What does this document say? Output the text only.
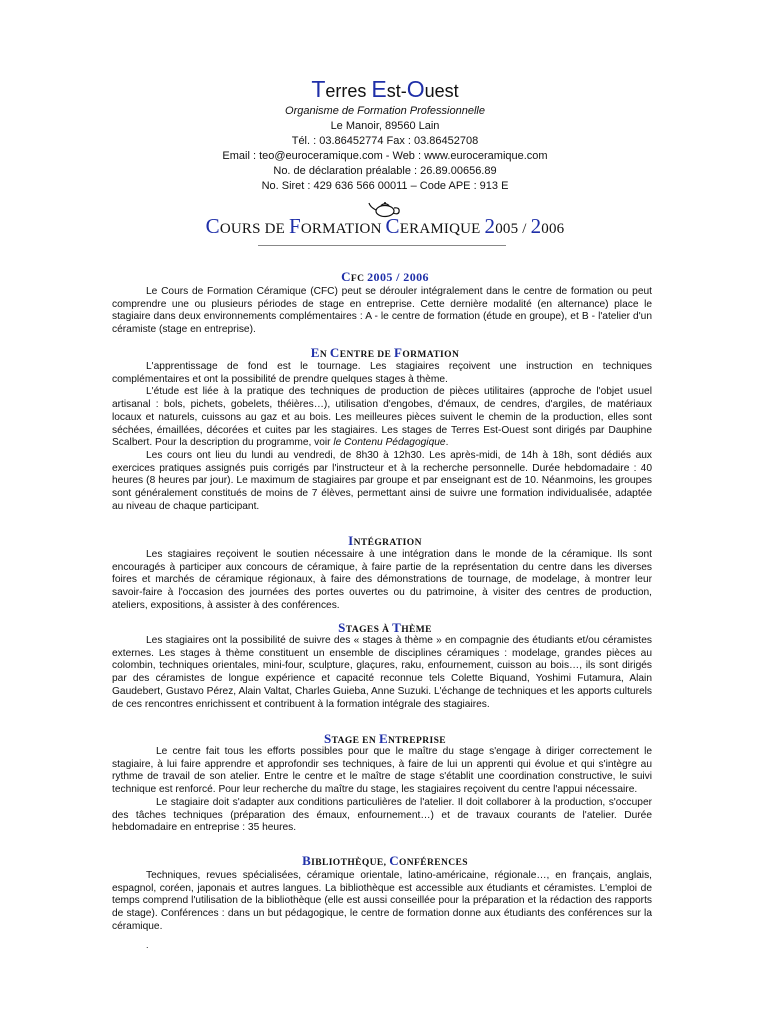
Terres Est-Ouest
Organisme de Formation Professionnelle
Le Manoir, 89560 Lain
Tél. : 03.86452774 Fax : 03.86452708
Email : teo@euroceramique.com - Web : www.euroceramique.com
No. de déclaration préalable : 26.89.00656.89
No. Siret : 429 636 566 00011 – Code APE : 913 E
COURS DE FORMATION CERAMIQUE 2005 / 2006
CFC 2005 / 2006

Le Cours de Formation Céramique (CFC) peut se dérouler intégralement dans le centre de formation ou peut comprendre une ou plusieurs périodes de stage en entreprise. Cette dernière modalité (en alternance) place le stagiaire dans deux environnements complémentaires : A - le centre de formation (étude en groupe), et B - l'atelier d'un céramiste (stage en entreprise).

EN CENTRE DE FORMATION

L'apprentissage de fond est le tournage. Les stagiaires reçoivent une instruction en techniques complémentaires et ont la possibilité de prendre quelques stages à thème.

L'étude est liée à la pratique des techniques de production de pièces utilitaires (approche de l'objet usuel artisanal : bols, pichets, gobelets, théières…), utilisation d'engobes, d'émaux, de cendres, d'argiles, de matériaux locaux et naturels, cuissons au gaz et au bois. Les meilleures pièces suivent le chemin de la production, elles sont séchées, émaillées, décorées et cuites par les stagiaires. Les stages de Terres Est-Ouest sont dirigés par Dauphine Scalbert. Pour la description du programme, voir le Contenu Pédagogique.

Les cours ont lieu du lundi au vendredi, de 8h30 à 12h30. Les après-midi, de 14h à 18h, sont dédiés aux exercices pratiques assignés puis corrigés par l'instructeur et à la recherche personnelle. Durée hebdomadaire : 40 heures (8 heures par jour). Le maximum de stagiaires par groupe et par enseignant est de 10. Néanmoins, les groupes sont généralement constitués de moins de 7 élèves, permettant ainsi de suivre une formation individualisée, adaptée au niveau de chaque participant.

INTÉGRATION

Les stagiaires reçoivent le soutien nécessaire à une intégration dans le monde de la céramique. Ils sont encouragés à participer aux concours de céramique, à faire partie de la représentation du centre dans les diverses foires et marchés de céramique régionaux, à faire des démonstrations de tournage, de modelage, à montrer leur savoir-faire à l'occasion des journées des portes ouvertes ou du patrimoine, à visiter des centres de production, ateliers, expositions, à assister à des conférences.

STAGES À THÈME

Les stagiaires ont la possibilité de suivre des « stages à thème » en compagnie des étudiants et/ou céramistes externes. Les stages à thème constituent un ensemble de disciplines céramiques : modelage, grandes pièces au colombin, techniques orientales, mini-four, sculpture, glaçures, raku, enfournement, cuisson au bois…, ils sont dirigés par des céramistes de longue expérience et capacité reconnue tels Colette Biquand, Yoshimi Futamura, Alain Gaudebert, Gustavo Pérez, Alain Valtat, Charles Guieba, Anne Suzuki. L'échange de techniques et les apports culturels de ces rencontres enrichissent et contribuent à la formation intégrale des stagiaires.

STAGE EN ENTREPRISE

Le centre fait tous les efforts possibles pour que le maître du stage s'engage à diriger correctement le stagiaire, à lui faire apprendre et approfondir ses techniques, à faire de lui un apprenti qui évolue et qui s'intègre au rythme de travail de son atelier. Entre le centre et le maître de stage s'établit une coordination constructive, le suivi technique est renforcé. Pour leur recherche du maître du stage, les stagiaires reçoivent du centre l'appui nécessaire.

Le stagiaire doit s'adapter aux conditions particulières de l'atelier. Il doit collaborer à la production, s'occuper des tâches techniques (préparation des émaux, enfournement…) et de travaux courants de l'atelier. Durée hebdomadaire en entreprise : 35 heures.

BIBLIOTHÈQUE, CONFÉRENCES

Techniques, revues spécialisées, céramique orientale, latino-américaine, régionale…, en français, anglais, espagnol, coréen, japonais et autres langues. La bibliothèque est accessible aux étudiants et céramistes. L'emploi de temps comprend l'utilisation de la bibliothèque (elle est aussi conseillée pour la préparation et la rédaction des rapports de stage). Conférences : dans un but pédagogique, le centre de formation donne aux étudiants des conférences sur la céramique.

.
